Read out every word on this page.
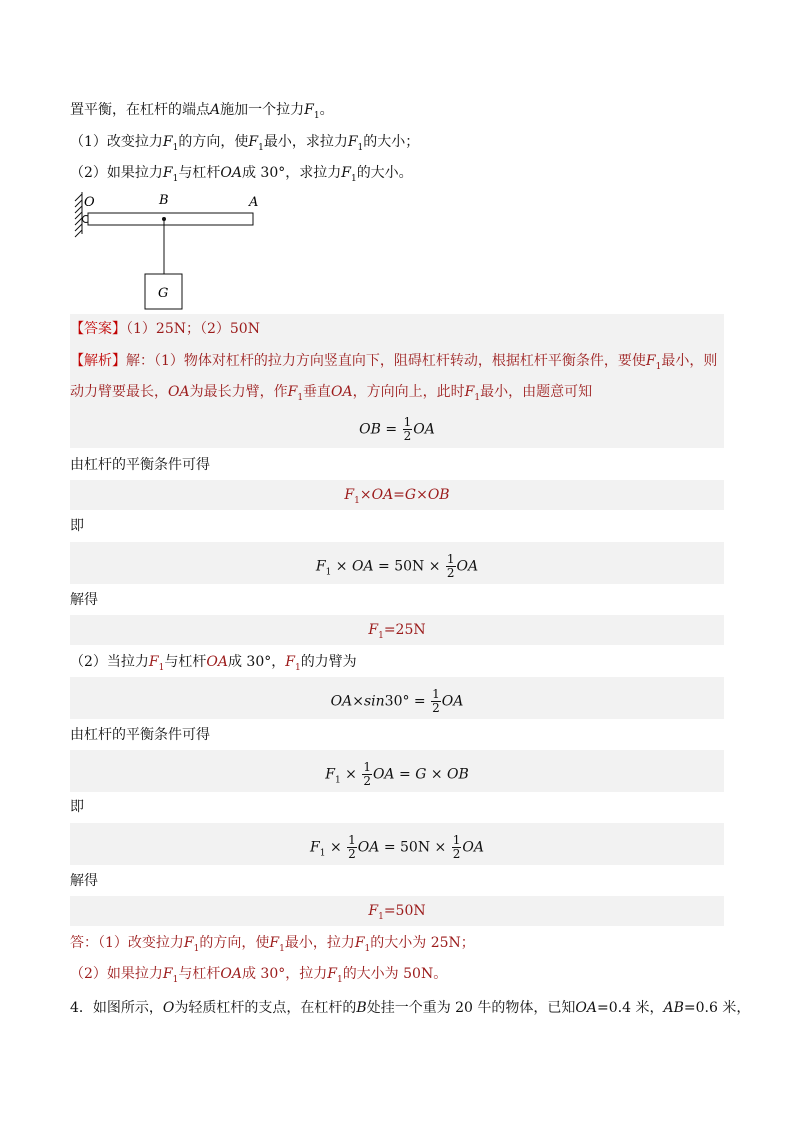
置平衡，在杠杆的端点A施加一个拉力$F_1$。
（1）改变拉力$F_1$的方向，使$F_1$最小，求拉力$F_1$的大小；
（2）如果拉力$F_1$与杠杆OA成 30°，求拉力$F_1$的大小。
O	B	A
G
【答案】（1）25N；（2）50N
【解析】解：（1）物体对杠杆的拉力方向竖直向下，阻碍杠杆转动，根据杠杆平衡条件，要使$F_1$最小，则
动力臂要最长，OA为最长力臂，作$F_1$垂直OA，方向向上，此时$F_1$最小，由题意可知
OB = $\frac{1}{2}$ OA
由杠杆的平衡条件可得
$F_1\times OA=G\times OB$
即
$F_1$ × OA = $50N \times \frac{1}{2}$ OA
解得
$F_1=25N$
（2）当拉力$F_1$与杠杆OA成 30°，$F_1$的力臂为
$OA\times\sin 30^\circ = \frac{1}{2}$ OA
由杠杆的平衡条件可得
$F_1 \times \frac{1}{2}$ OA = G × OB
即
$F_1 \times \frac{1}{2}$ OA = $50N \times \frac{1}{2}$ OA
解得
$F_1=50N$
答：（1）改变拉力$F_1$的方向，使$F_1$最小，拉力$F_1$的大小为 25N；
（2）如果拉力$F_1$与杠杆OA成 30°，拉力$F_1$的大小为 50N。
4．如图所示，O为轻质杠杆的支点，在杠杆的B处挂一个重为 20 牛的物体，已知OA=0.4 米，AB=0.6 米，
